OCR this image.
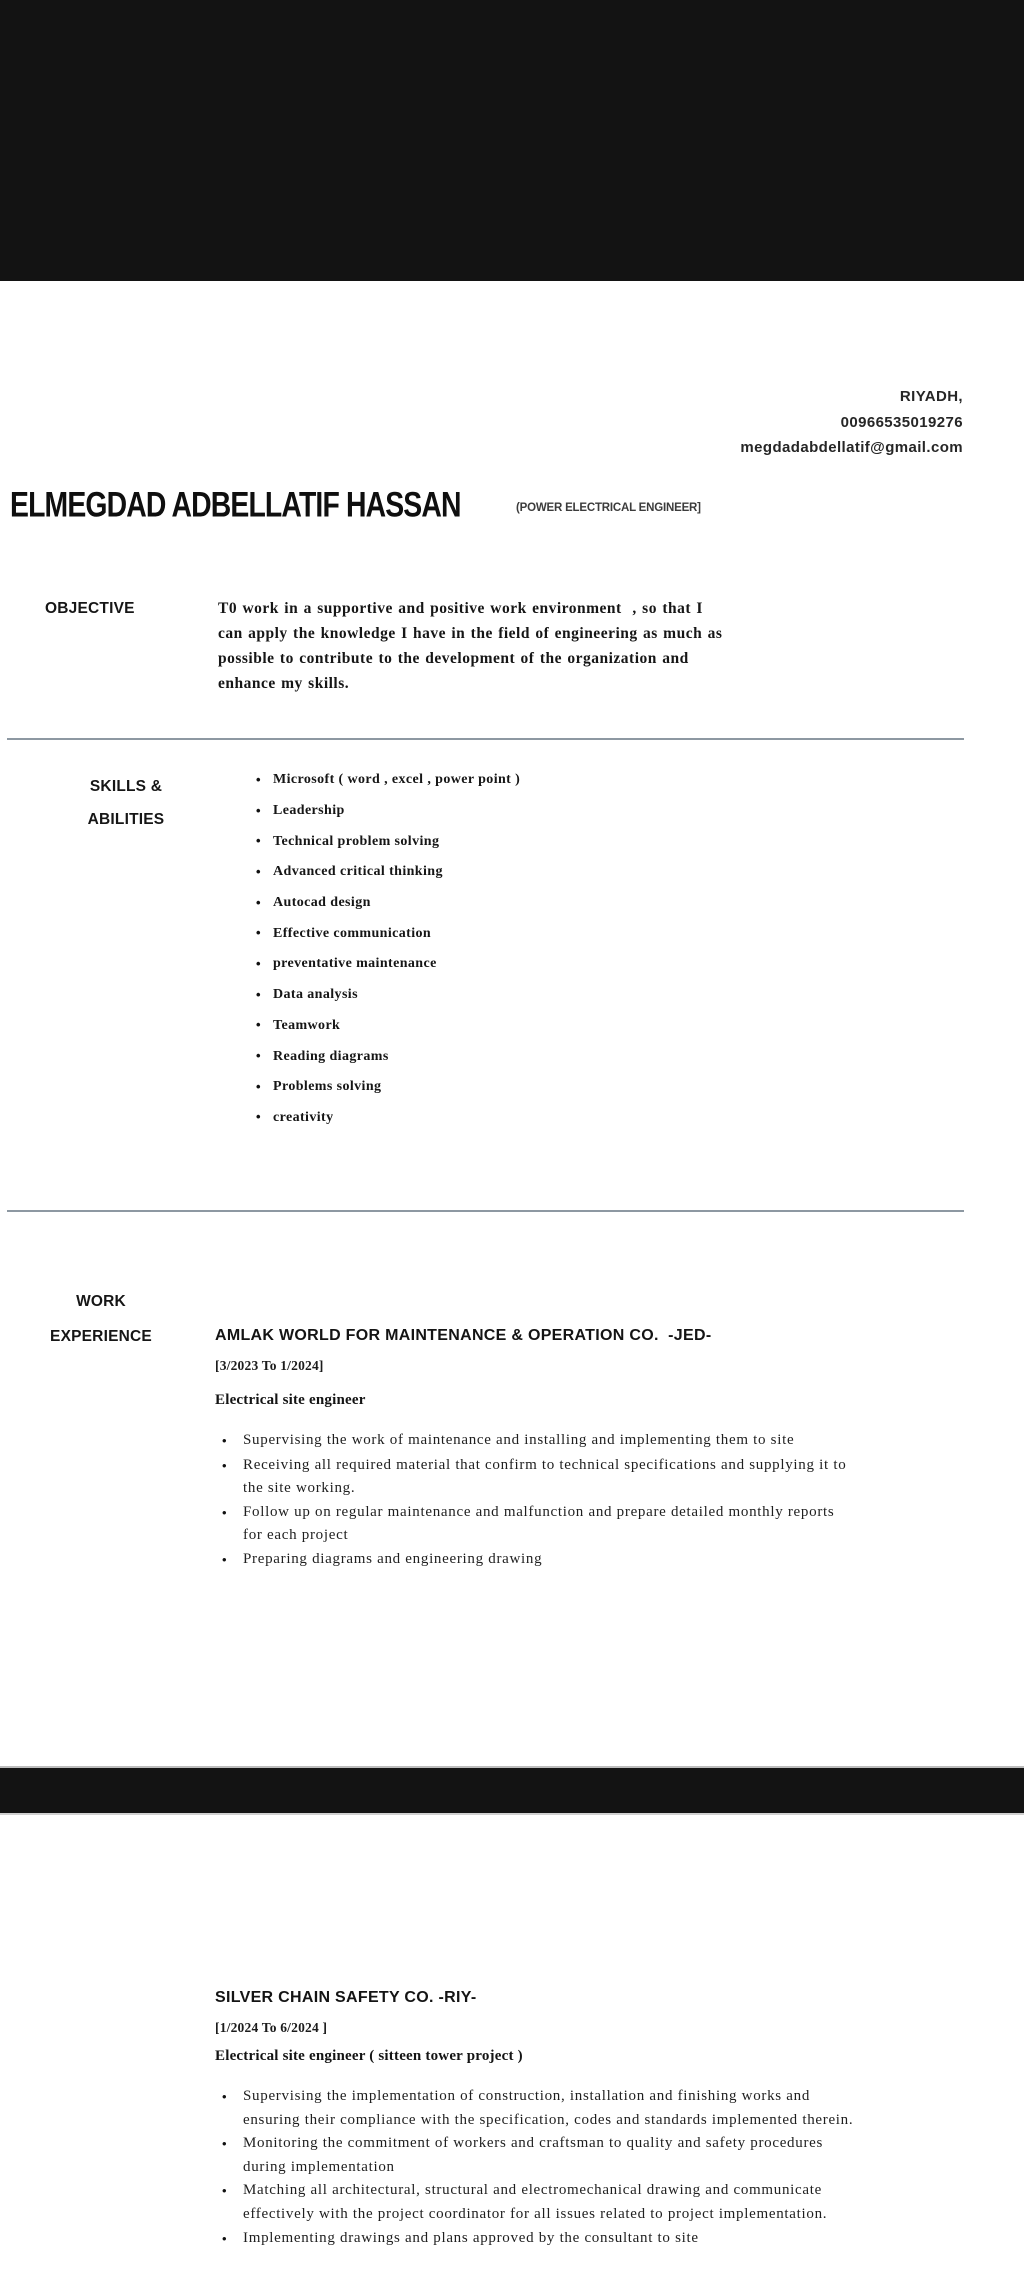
RIYADH,
00966535019276
megdadabdellatif@gmail.com
ELMEGDAD ADBELLATIF HASSAN	(POWER ELECTRICAL ENGINEER]
OBJECTIVE	T0 work in a supportive and positive work environment  , so that I
can apply the knowledge I have in the field of engineering as much as
possible to contribute to the development of the organization and
enhance my skills.
SKILLS &
ABILITIES
•
Microsoft ( word , excel , power point )
•
Leadership
•
Technical problem solving
•
Advanced critical thinking
•
Autocad design
•
Effective communication
•
preventative maintenance
•
Data analysis
•
Teamwork
•
Reading diagrams
•
Problems solving
•
creativity
WORK
EXPERIENCE	AMLAK WORLD FOR MAINTENANCE & OPERATION CO.  -JED-
[3/2023 To 1/2024]
Electrical site engineer
•
Supervising the work of maintenance and installing and implementing them to site
•
Receiving all required material that confirm to technical specifications and supplying it to
the site working.
•
Follow up on regular maintenance and malfunction and prepare detailed monthly reports
for each project
•
Preparing diagrams and engineering drawing
SILVER CHAIN SAFETY CO. -RIY-
[1/2024 To 6/2024 ]
Electrical site engineer ( sitteen tower project )
•
Supervising the implementation of construction, installation and finishing works and
ensuring their compliance with the specification, codes and standards implemented therein.
•
Monitoring the commitment of workers and craftsman to quality and safety procedures
during implementation
•
Matching all architectural, structural and electromechanical drawing and communicate
effectively with the project coordinator for all issues related to project implementation.
•
Implementing drawings and plans approved by the consultant to site
